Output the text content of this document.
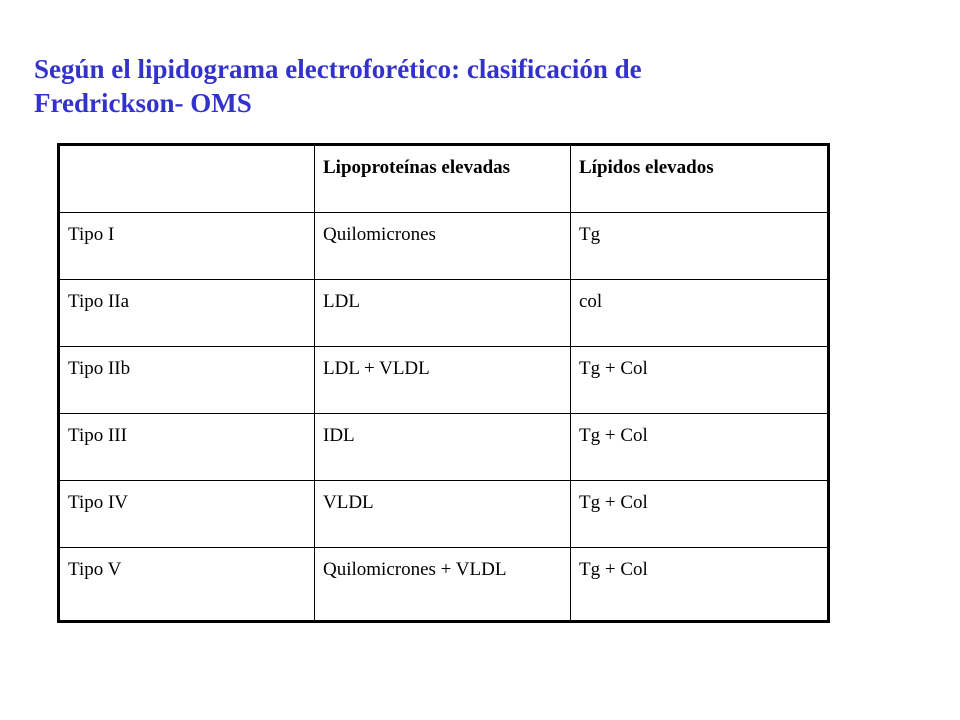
Según el lipidograma electroforético: clasificación de
Fredrickson- OMS
	Lipoproteínas elevadas	Lípidos elevados
Tipo I	Quilomicrones	Tg
Tipo IIa	LDL	col
Tipo IIb	LDL + VLDL	Tg + Col
Tipo III	IDL	Tg + Col
Tipo IV	VLDL	Tg + Col
Tipo V	Quilomicrones + VLDL	Tg + Col
